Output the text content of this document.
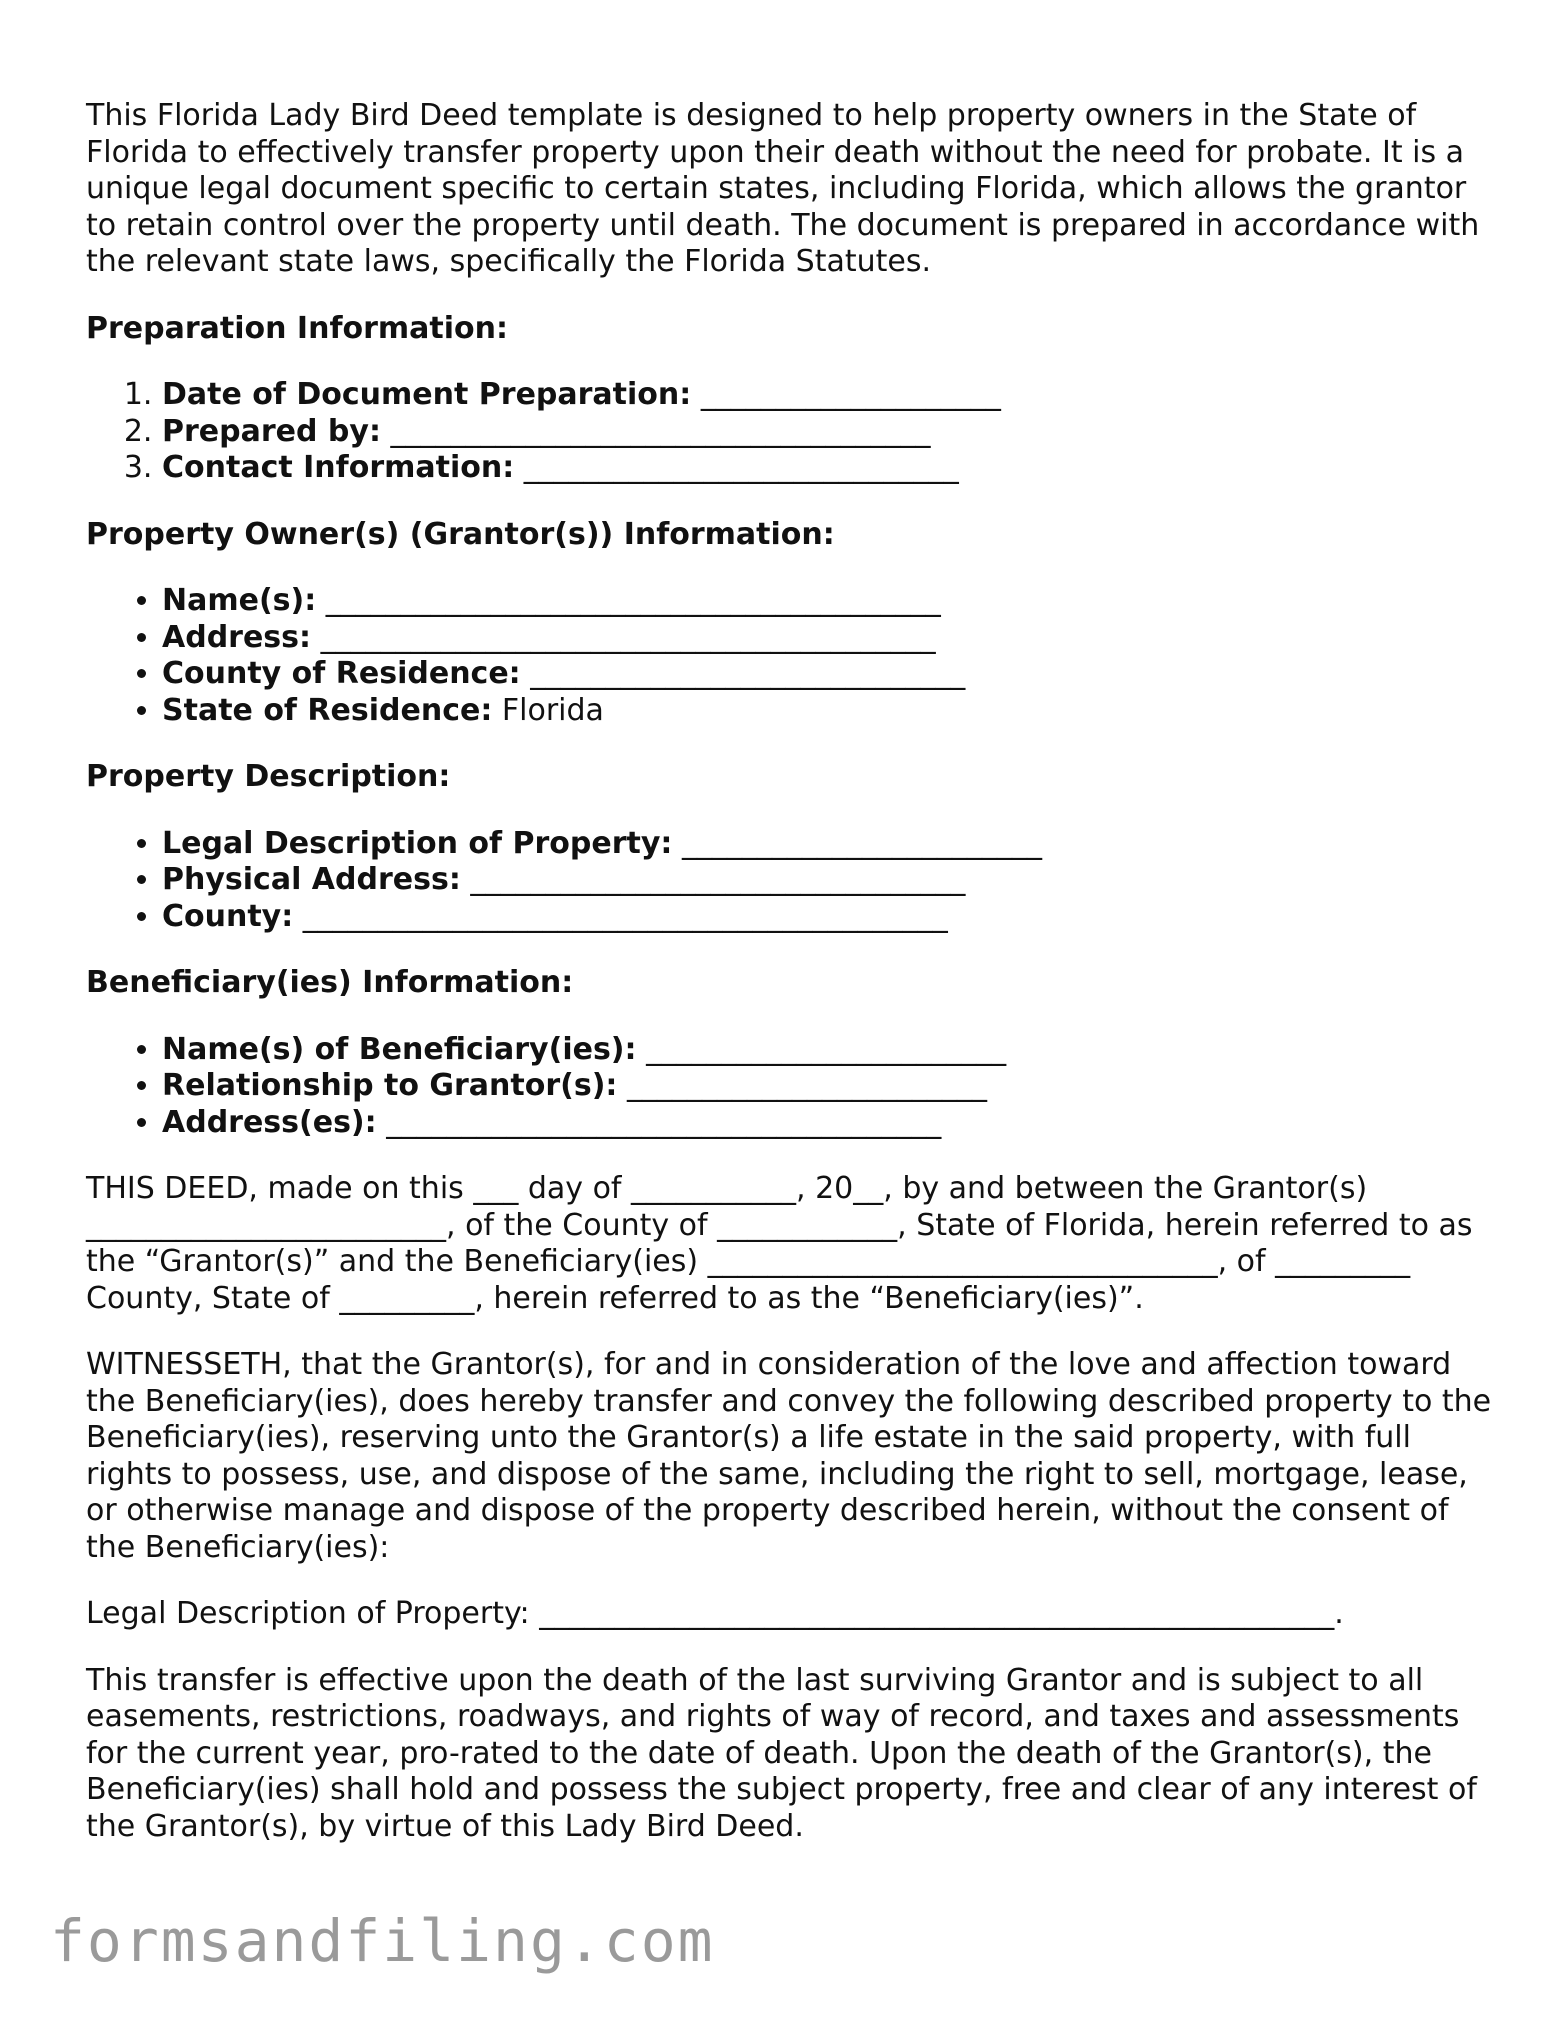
This Florida Lady Bird Deed template is designed to help property owners in the State of Florida to effectively transfer property upon their death without the need for probate. It is a unique legal document specific to certain states, including Florida, which allows the grantor to retain control over the property until death. The document is prepared in accordance with the relevant state laws, specifically the Florida Statutes.

Preparation Information:

1. Date of Document Preparation: ____________________
2. Prepared by: ____________________________________
3. Contact Information: _____________________________

Property Owner(s) (Grantor(s)) Information:

• Name(s): _________________________________________
• Address: _________________________________________
• County of Residence: _____________________________
• State of Residence: Florida

Property Description:

• Legal Description of Property: ________________________
• Physical Address: _________________________________
• County: ___________________________________________

Beneficiary(ies) Information:

• Name(s) of Beneficiary(ies): ________________________
• Relationship to Grantor(s): ________________________
• Address(es): _____________________________________

THIS DEED, made on this ___ day of ___________, 20__, by and between the Grantor(s) ________________________, of the County of ____________, State of Florida, herein referred to as the “Grantor(s)” and the Beneficiary(ies) __________________________________, of _________ County, State of _________, herein referred to as the “Beneficiary(ies)”.

WITNESSETH, that the Grantor(s), for and in consideration of the love and affection toward the Beneficiary(ies), does hereby transfer and convey the following described property to the Beneficiary(ies), reserving unto the Grantor(s) a life estate in the said property, with full rights to possess, use, and dispose of the same, including the right to sell, mortgage, lease, or otherwise manage and dispose of the property described herein, without the consent of the Beneficiary(ies):

Legal Description of Property: _____________________________________________________.

This transfer is effective upon the death of the last surviving Grantor and is subject to all easements, restrictions, roadways, and rights of way of record, and taxes and assessments for the current year, pro-rated to the date of death. Upon the death of the Grantor(s), the Beneficiary(ies) shall hold and possess the subject property, free and clear of any interest of the Grantor(s), by virtue of this Lady Bird Deed.

formsandfiling.com
